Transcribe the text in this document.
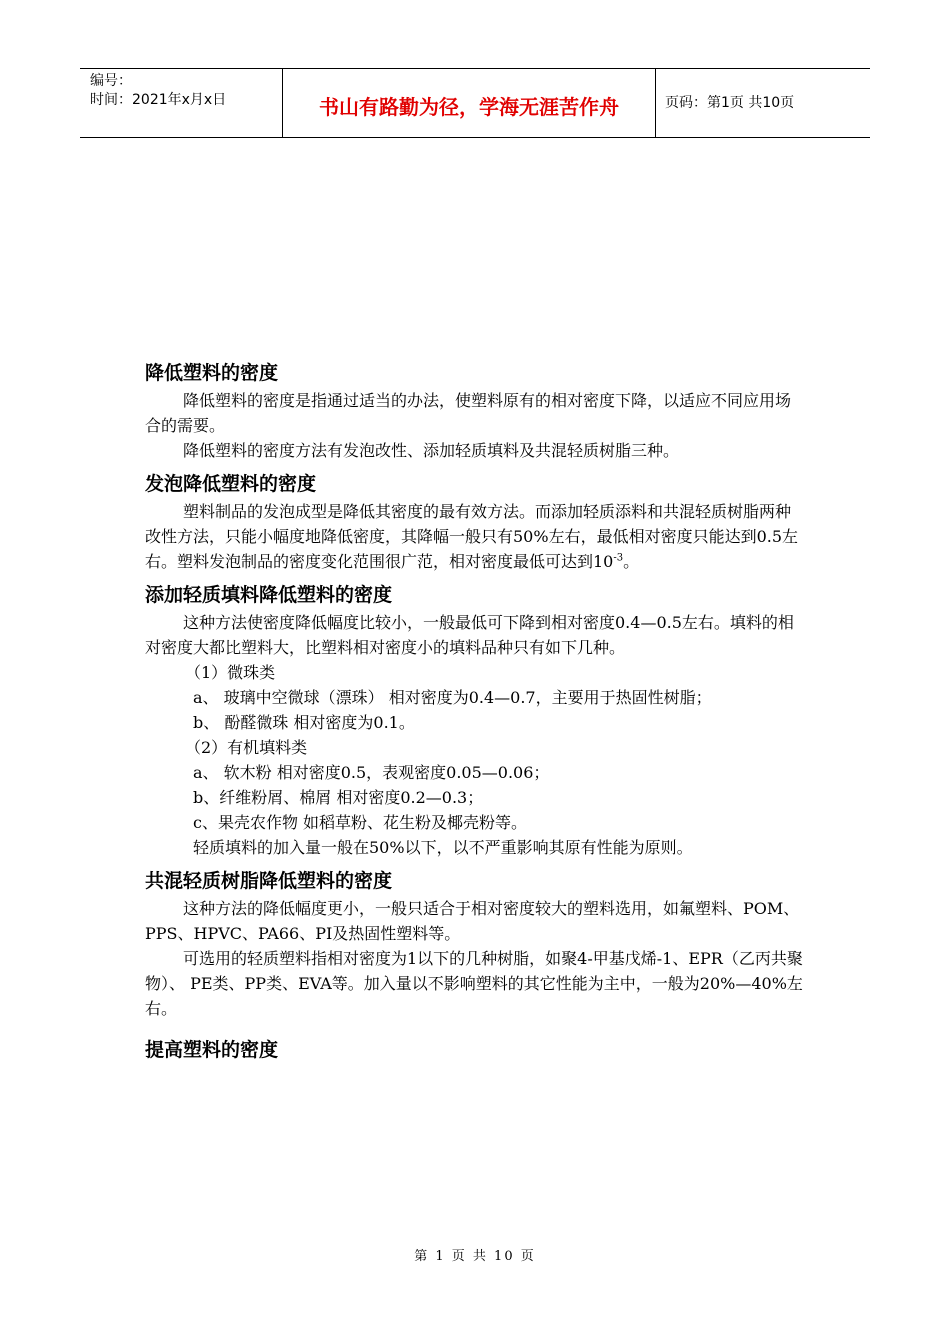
编号：
时间：2021年x月x日	书山有路勤为径，学海无涯苦作舟	页码：第1页 共10页
降低塑料的密度

降低塑料的密度是指通过适当的办法，使塑料原有的相对密度下降，以适应不同应用场合的需要。

降低塑料的密度方法有发泡改性、添加轻质填料及共混轻质树脂三种。

发泡降低塑料的密度

塑料制品的发泡成型是降低其密度的最有效方法。而添加轻质添料和共混轻质树脂两种改性方法，只能小幅度地降低密度，其降幅一般只有50%左右，最低相对密度只能达到0.5左右。塑料发泡制品的密度变化范围很广范，相对密度最低可达到$10^{-3}$。

添加轻质填料降低塑料的密度

这种方法使密度降低幅度比较小，一般最低可下降到相对密度0.4—0.5左右。填料的相对密度大都比塑料大，比塑料相对密度小的填料品种只有如下几种。

（1）微珠类

a、 玻璃中空微球（漂珠） 相对密度为0.4—0.7，主要用于热固性树脂；

b、 酚醛微珠 相对密度为0.1。

（2）有机填料类

a、 软木粉 相对密度0.5，表观密度0.05—0.06；

b、纤维粉屑、棉屑 相对密度0.2—0.3；

c、果壳农作物 如稻草粉、花生粉及椰壳粉等。

轻质填料的加入量一般在50%以下，以不严重影响其原有性能为原则。

共混轻质树脂降低塑料的密度

这种方法的降低幅度更小，一般只适合于相对密度较大的塑料选用，如氟塑料、POM、PPS、HPVC、PA66、PI及热固性塑料等。

可选用的轻质塑料指相对密度为1以下的几种树脂，如聚4-甲基戊烯-1、EPR（乙丙共聚物）、 PE类、PP类、EVA等。加入量以不影响塑料的其它性能为主中，一般为20%—40%左右。

提高塑料的密度
第 1 页 共 10 页
